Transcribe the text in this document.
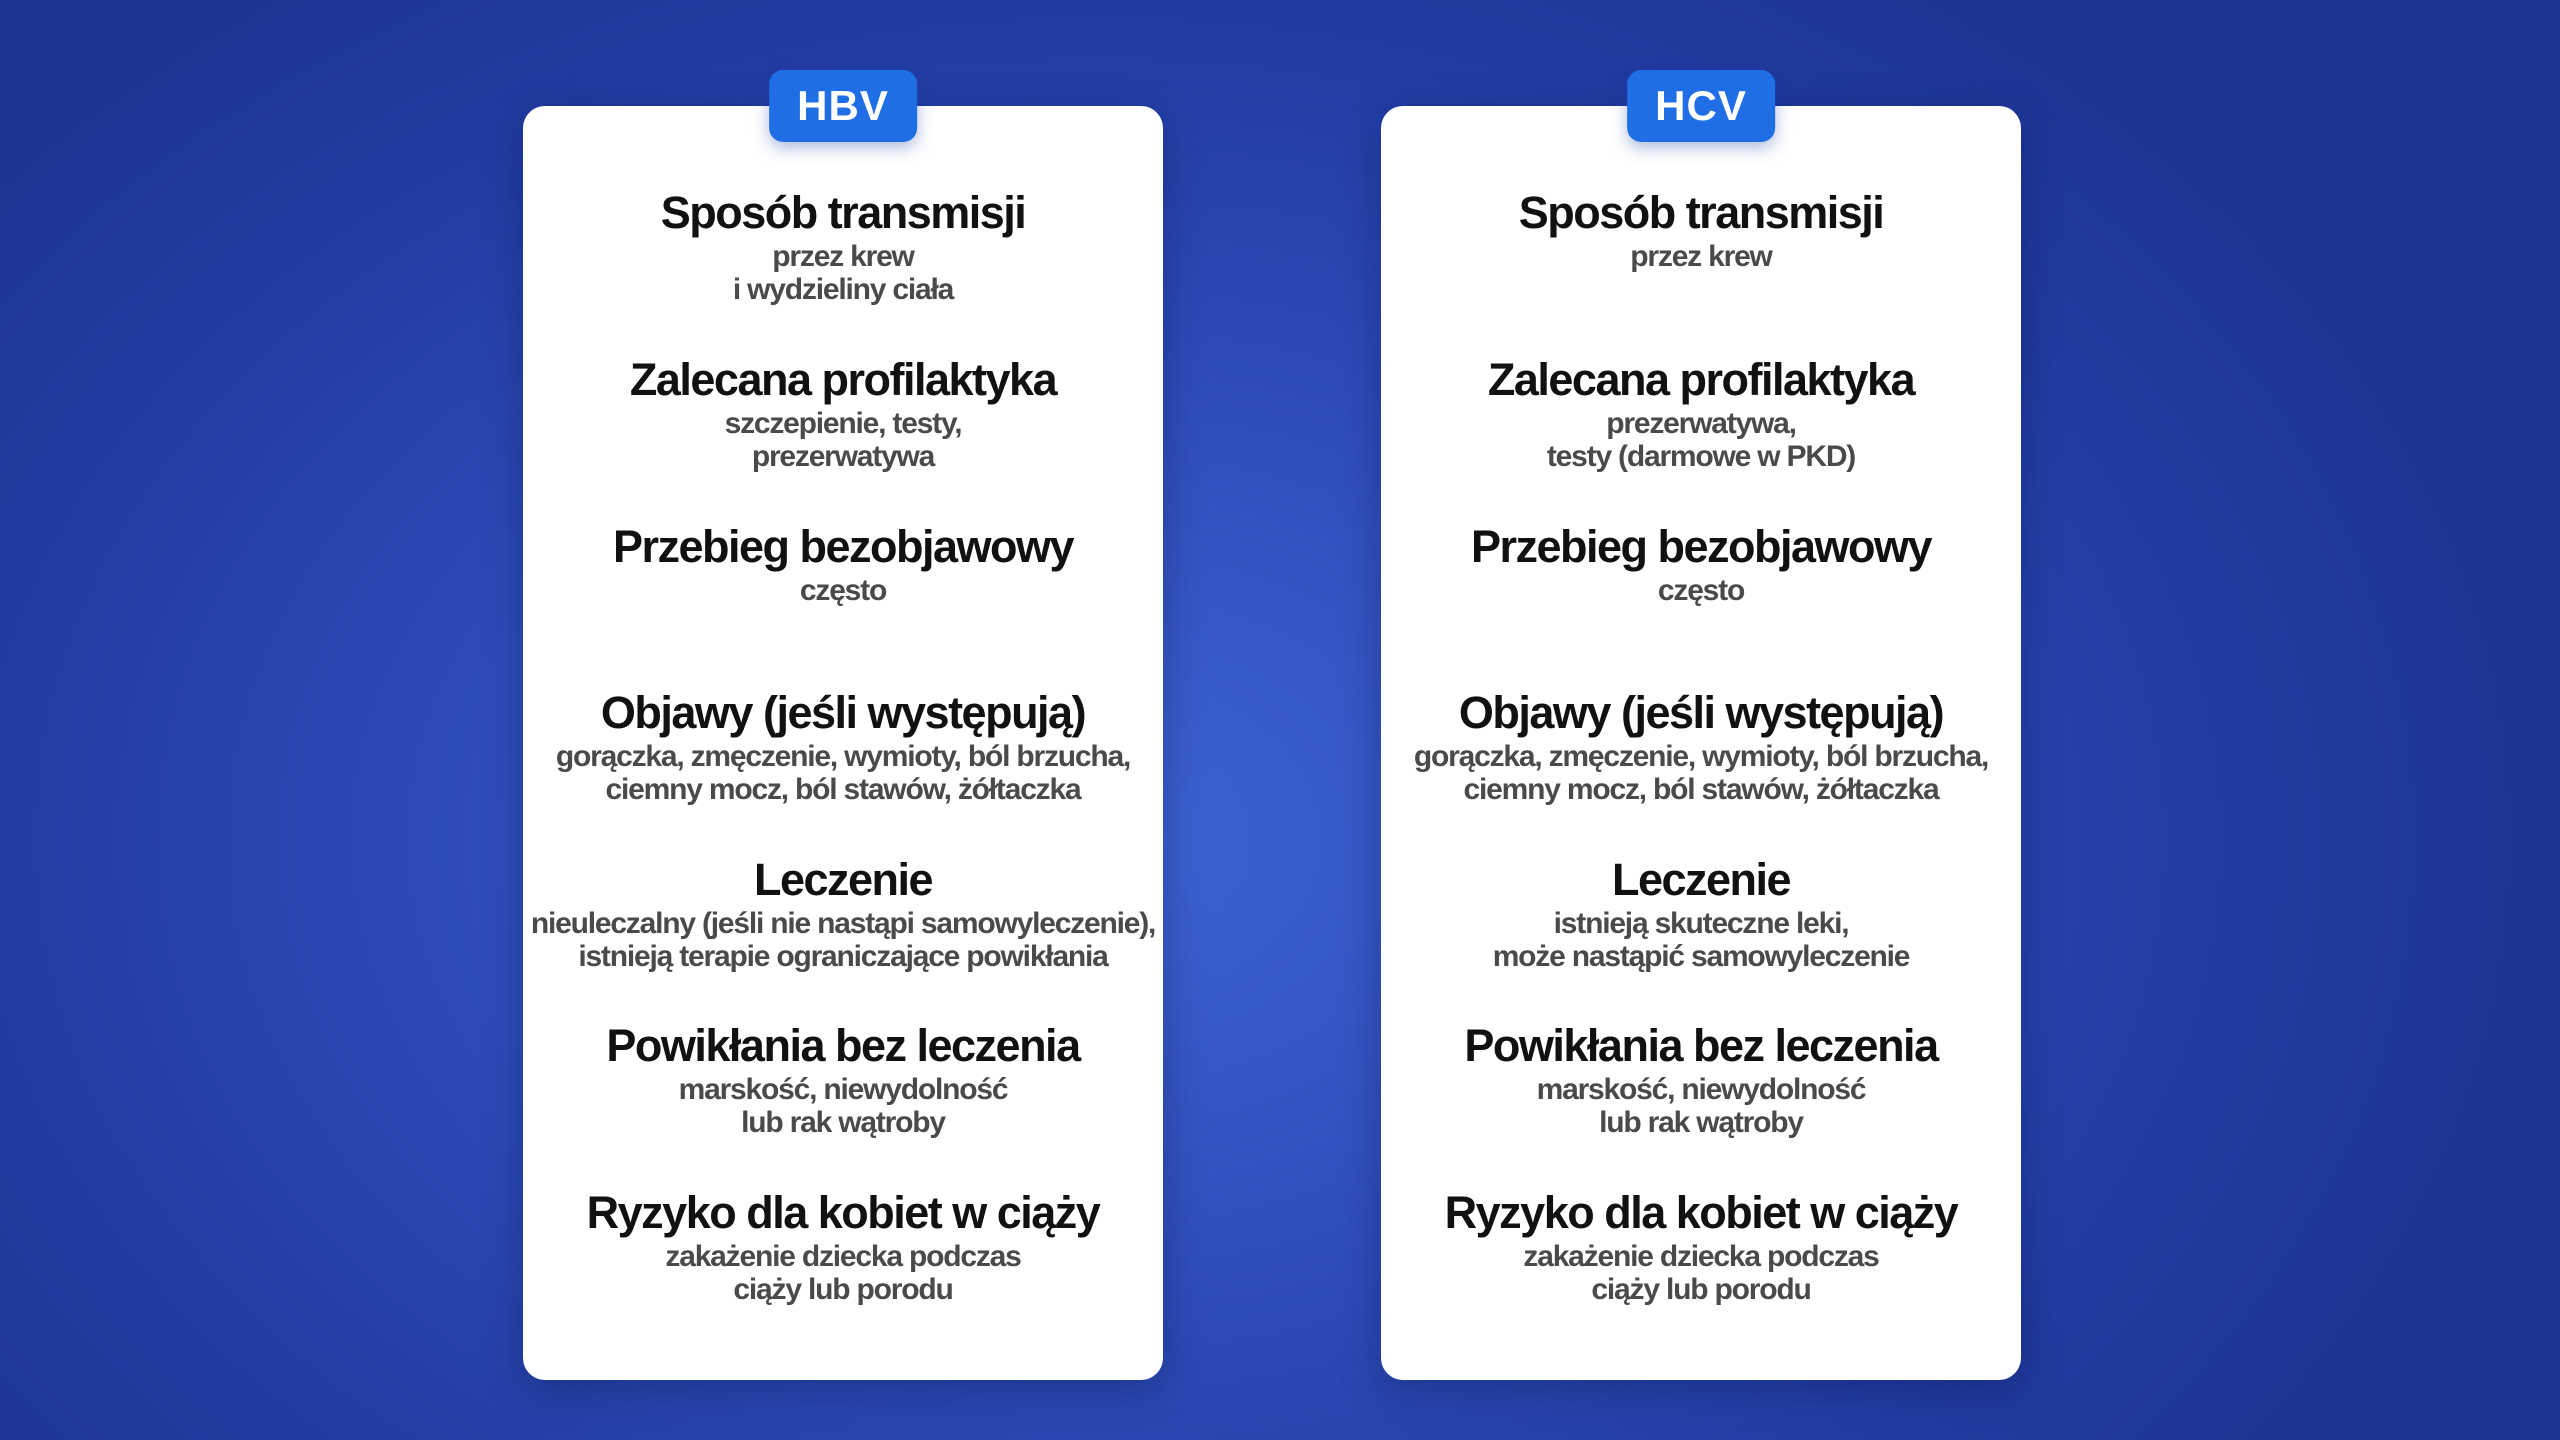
HBV
Sposób transmisji
przez krew
i wydzieliny ciała
Zalecana profilaktyka
szczepienie, testy,
prezerwatywa
Przebieg bezobjawowy
często
Objawy (jeśli występują)
gorączka, zmęczenie, wymioty, ból brzucha,
ciemny mocz, ból stawów, żółtaczka
Leczenie
nieuleczalny (jeśli nie nastąpi samowyleczenie),
istnieją terapie ograniczające powikłania
Powikłania bez leczenia
marskość, niewydolność
lub rak wątroby
Ryzyko dla kobiet w ciąży
zakażenie dziecka podczas
ciąży lub porodu
HCV
Sposób transmisji
przez krew
Zalecana profilaktyka
prezerwatywa,
testy (darmowe w PKD)
Przebieg bezobjawowy
często
Objawy (jeśli występują)
gorączka, zmęczenie, wymioty, ból brzucha,
ciemny mocz, ból stawów, żółtaczka
Leczenie
istnieją skuteczne leki,
może nastąpić samowyleczenie
Powikłania bez leczenia
marskość, niewydolność
lub rak wątroby
Ryzyko dla kobiet w ciąży
zakażenie dziecka podczas
ciąży lub porodu
